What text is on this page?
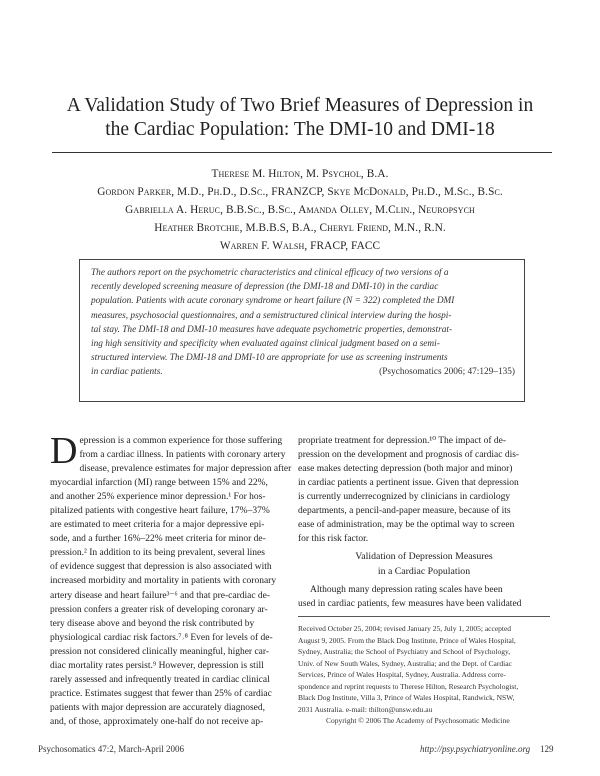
A Validation Study of Two Brief Measures of Depression in
the Cardiac Population: The DMI-10 and DMI-18
Therese M. Hilton, M. Psychol, B.A.
Gordon Parker, M.D., Ph.D., D.Sc., FRANZCP, Skye McDonald, Ph.D., M.Sc., B.Sc.
Gabriella A. Heruc, B.B.Sc., B.Sc., Amanda Olley, M.Clin., Neuropsych
Heather Brotchie, M.B.B.S, B.A., Cheryl Friend, M.N., R.N.
Warren F. Walsh, FRACP, FACC
The authors report on the psychometric characteristics and clinical efficacy of two versions of a
recently developed screening measure of depression (the DMI-18 and DMI-10) in the cardiac
population. Patients with acute coronary syndrome or heart failure (N = 322) completed the DMI
measures, psychosocial questionnaires, and a semistructured clinical interview during the hospi-
tal stay. The DMI-18 and DMI-10 measures have adequate psychometric properties, demonstrat-
ing high sensitivity and specificity when evaluated against clinical judgment based on a semi-
structured interview. The DMI-18 and DMI-10 are appropriate for use as screening instruments
in cardiac patients.	(Psychosomatics 2006; 47:129–135)
D epression is a common experience for those suffering
from a cardiac illness. In patients with coronary artery
disease, prevalence estimates for major depression after
myocardial infarction (MI) range between 15% and 22%,
and another 25% experience minor depression.¹ For hos-
pitalized patients with congestive heart failure, 17%–37%
are estimated to meet criteria for a major depressive epi-
sode, and a further 16%–22% meet criteria for minor de-
pression.² In addition to its being prevalent, several lines
of evidence suggest that depression is also associated with
increased morbidity and mortality in patients with coronary
artery disease and heart failure³⁻⁶ and that pre-cardiac de-
pression confers a greater risk of developing coronary ar-
tery disease above and beyond the risk contributed by
physiological cardiac risk factors.⁷˒⁸ Even for levels of de-
pression not considered clinically meaningful, higher car-
diac mortality rates persist.⁹ However, depression is still
rarely assessed and infrequently treated in cardiac clinical
practice. Estimates suggest that fewer than 25% of cardiac
patients with major depression are accurately diagnosed,
and, of those, approximately one-half do not receive ap-
propriate treatment for depression.¹⁰ The impact of de-
pression on the development and prognosis of cardiac dis-
ease makes detecting depression (both major and minor)
in cardiac patients a pertinent issue. Given that depression
is currently underrecognized by clinicians in cardiology
departments, a pencil-and-paper measure, because of its
ease of administration, may be the optimal way to screen
for this risk factor.
Validation of Depression Measures
in a Cardiac Population
Although many depression rating scales have been
used in cardiac patients, few measures have been validated
Received October 25, 2004; revised January 25, July 1, 2005; accepted
August 9, 2005. From the Black Dog Institute, Prince of Wales Hospital,
Sydney, Australia; the School of Psychiatry and School of Psychology,
Univ. of New South Wales, Sydney, Australia; and the Dept. of Cardiac
Services, Prince of Wales Hospital, Sydney, Australia. Address corre-
spondence and reprint requests to Therese Hilton, Research Psychologist,
Black Dog Institute, Villa 3, Prince of Wales Hospital, Randwick, NSW,
2031 Australia. e-mail: thilton@unsw.edu.au
Copyright © 2006 The Academy of Psychosomatic Medicine
Psychosomatics 47:2, March-April 2006	http://psy.psychiatryonline.org 129
